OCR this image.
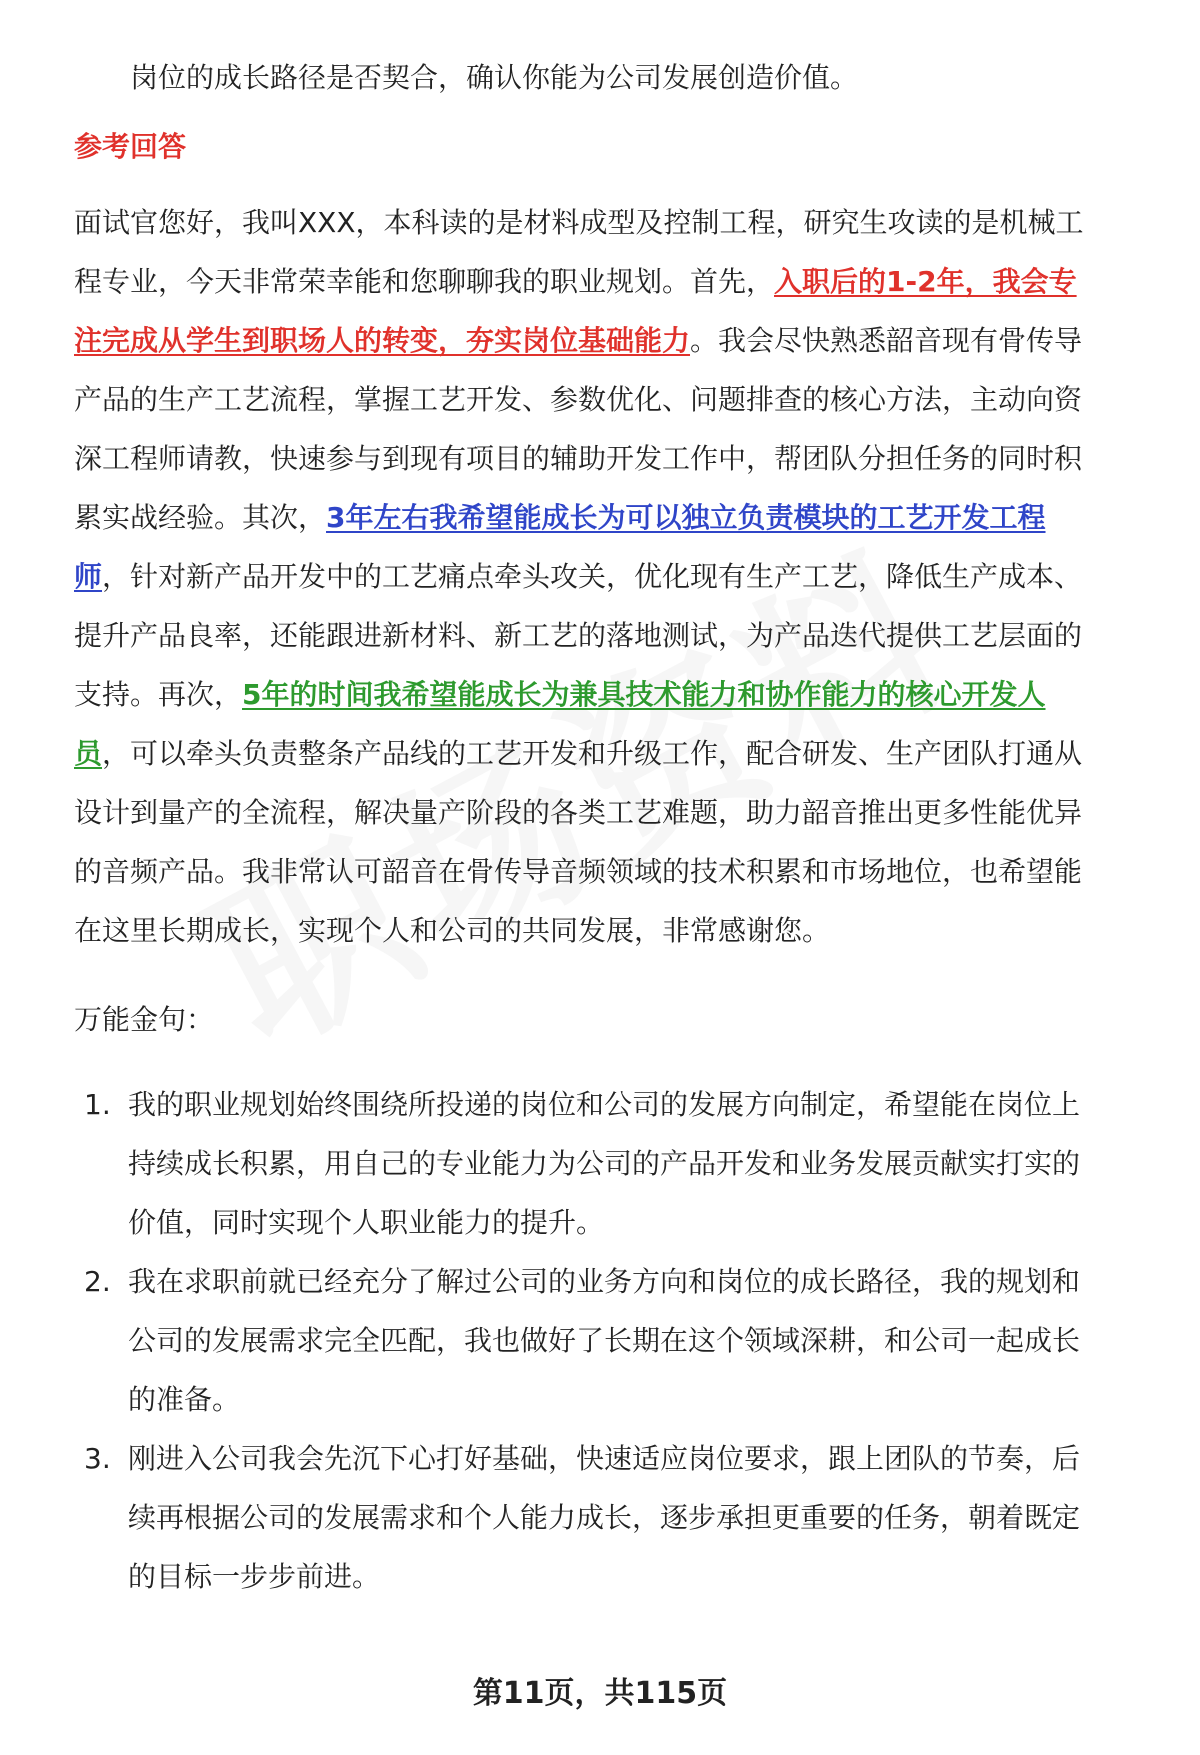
岗位的成长路径是否契合，确认你能为公司发展创造价值。

参考回答

面试官您好，我叫XXX，本科读的是材料成型及控制工程，研究生攻读的是机械工

程专业，今天非常荣幸能和您聊聊我的职业规划。首先，入职后的1-2年，我会专

注完成从学生到职场人的转变，夯实岗位基础能力。我会尽快熟悉韶音现有骨传导

产品的生产工艺流程，掌握工艺开发、参数优化、问题排查的核心方法，主动向资

深工程师请教，快速参与到现有项目的辅助开发工作中，帮团队分担任务的同时积

累实战经验。其次，3年左右我希望能成长为可以独立负责模块的工艺开发工程

师，针对新产品开发中的工艺痛点牵头攻关，优化现有生产工艺，降低生产成本、

提升产品良率，还能跟进新材料、新工艺的落地测试，为产品迭代提供工艺层面的

支持。再次，5年的时间我希望能成长为兼具技术能力和协作能力的核心开发人

员，可以牵头负责整条产品线的工艺开发和升级工作，配合研发、生产团队打通从

设计到量产的全流程，解决量产阶段的各类工艺难题，助力韶音推出更多性能优异

的音频产品。我非常认可韶音在骨传导音频领域的技术积累和市场地位，也希望能

在这里长期成长，实现个人和公司的共同发展，非常感谢您。

万能金句：

1. 我的职业规划始终围绕所投递的岗位和公司的发展方向制定，希望能在岗位上

持续成长积累，用自己的专业能力为公司的产品开发和业务发展贡献实打实的

价值，同时实现个人职业能力的提升。

2. 我在求职前就已经充分了解过公司的业务方向和岗位的成长路径，我的规划和

公司的发展需求完全匹配，我也做好了长期在这个领域深耕，和公司一起成长

的准备。

3. 刚进入公司我会先沉下心打好基础，快速适应岗位要求，跟上团队的节奏，后

续再根据公司的发展需求和个人能力成长，逐步承担更重要的任务，朝着既定

的目标一步步前进。

第11页，共115页
